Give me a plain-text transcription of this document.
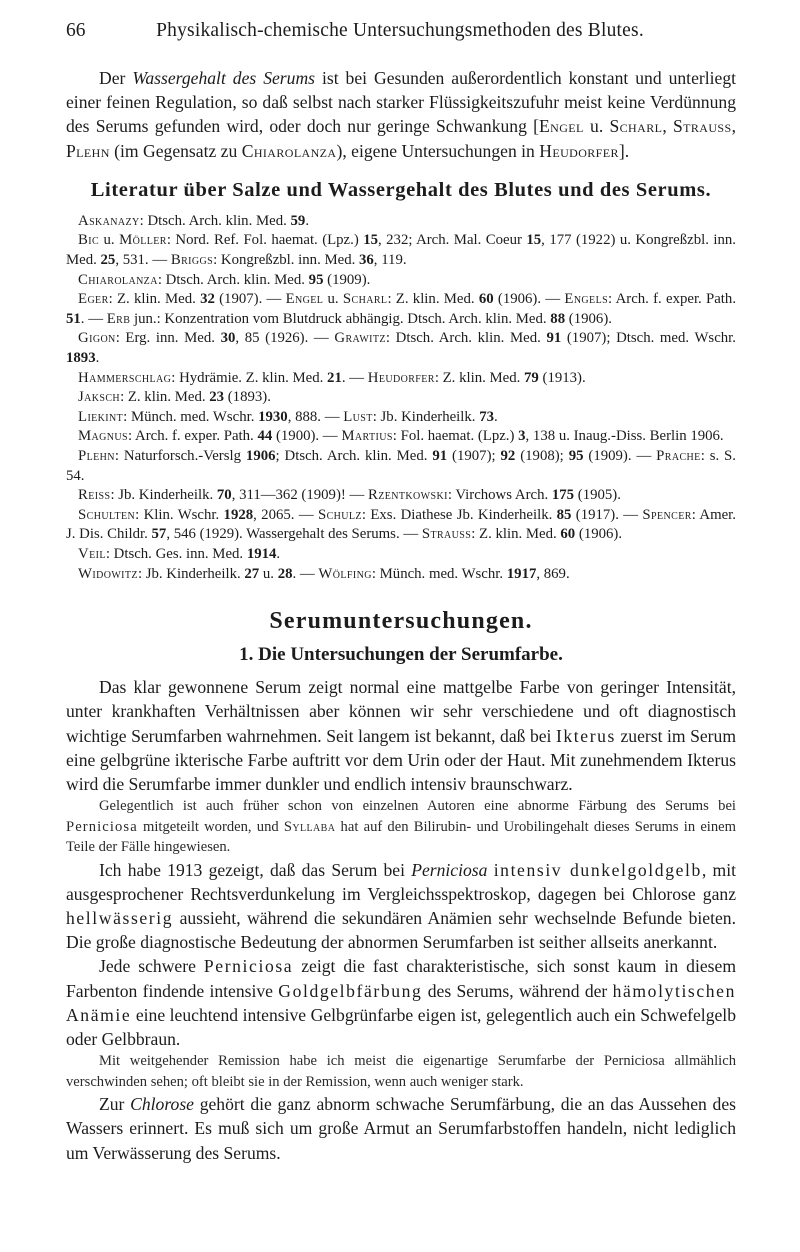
66	Physikalisch-chemische Untersuchungsmethoden des Blutes.

Der Wassergehalt des Serums ist bei Gesunden außerordentlich konstant und unterliegt einer feinen Regulation, so daß selbst nach starker Flüssigkeitszufuhr meist keine Verdünnung des Serums gefunden wird, oder doch nur geringe Schwankung [Engel u. Scharl, Strauss, Plehn (im Gegensatz zu Chiarolanza), eigene Untersuchungen in Heudorfer].

Literatur über Salze und Wassergehalt des Blutes und des Serums.

Askanazy: Dtsch. Arch. klin. Med. 59.

Bic u. Möller: Nord. Ref. Fol. haemat. (Lpz.) 15, 232; Arch. Mal. Coeur 15, 177 (1922) u. Kongreßzbl. inn. Med. 25, 531. — Briggs: Kongreßzbl. inn. Med. 36, 119.

Chiarolanza: Dtsch. Arch. klin. Med. 95 (1909).

Eger: Z. klin. Med. 32 (1907). — Engel u. Scharl: Z. klin. Med. 60 (1906). — Engels: Arch. f. exper. Path. 51. — Erb jun.: Konzentration vom Blutdruck abhängig. Dtsch. Arch. klin. Med. 88 (1906).

Gigon: Erg. inn. Med. 30, 85 (1926). — Grawitz: Dtsch. Arch. klin. Med. 91 (1907); Dtsch. med. Wschr. 1893.

Hammerschlag: Hydrämie. Z. klin. Med. 21. — Heudorfer: Z. klin. Med. 79 (1913).

Jaksch: Z. klin. Med. 23 (1893).

Liekint: Münch. med. Wschr. 1930, 888. — Lust: Jb. Kinderheilk. 73.

Magnus: Arch. f. exper. Path. 44 (1900). — Martius: Fol. haemat. (Lpz.) 3, 138 u. Inaug.-Diss. Berlin 1906.

Plehn: Naturforsch.-Verslg 1906; Dtsch. Arch. klin. Med. 91 (1907); 92 (1908); 95 (1909). — Prache: s. S. 54.

Reiss: Jb. Kinderheilk. 70, 311—362 (1909)! — Rzentkowski: Virchows Arch. 175 (1905).

Schulten: Klin. Wschr. 1928, 2065. — Schulz: Exs. Diathese Jb. Kinderheilk. 85 (1917). — Spencer: Amer. J. Dis. Childr. 57, 546 (1929). Wassergehalt des Serums. — Strauss: Z. klin. Med. 60 (1906).

Veil: Dtsch. Ges. inn. Med. 1914.

Widowitz: Jb. Kinderheilk. 27 u. 28. — Wölfing: Münch. med. Wschr. 1917, 869.

Serumuntersuchungen.
1. Die Untersuchungen der Serumfarbe.

Das klar gewonnene Serum zeigt normal eine mattgelbe Farbe von geringer Intensität, unter krankhaften Verhältnissen aber können wir sehr verschiedene und oft diagnostisch wichtige Serumfarben wahrnehmen. Seit langem ist bekannt, daß bei Ikterus zuerst im Serum eine gelbgrüne ikterische Farbe auftritt vor dem Urin oder der Haut. Mit zunehmendem Ikterus wird die Serumfarbe immer dunkler und endlich intensiv braunschwarz.

Gelegentlich ist auch früher schon von einzelnen Autoren eine abnorme Färbung des Serums bei Perniciosa mitgeteilt worden, und Syllaba hat auf den Bilirubin- und Urobilingehalt dieses Serums in einem Teile der Fälle hingewiesen.

Ich habe 1913 gezeigt, daß das Serum bei Perniciosa intensiv dunkelgoldgelb, mit ausgesprochener Rechtsverdunkelung im Vergleichsspektroskop, dagegen bei Chlorose ganz hellwässerig aussieht, während die sekundären Anämien sehr wechselnde Befunde bieten. Die große diagnostische Bedeutung der abnormen Serumfarben ist seither allseits anerkannt.

Jede schwere Perniciosa zeigt die fast charakteristische, sich sonst kaum in diesem Farbenton findende intensive Goldgelbfärbung des Serums, während der hämolytischen Anämie eine leuchtend intensive Gelbgrünfarbe eigen ist, gelegentlich auch ein Schwefelgelb oder Gelbbraun.

Mit weitgehender Remission habe ich meist die eigenartige Serumfarbe der Perniciosa allmählich verschwinden sehen; oft bleibt sie in der Remission, wenn auch weniger stark.

Zur Chlorose gehört die ganz abnorm schwache Serumfärbung, die an das Aussehen des Wassers erinnert. Es muß sich um große Armut an Serumfarbstoffen handeln, nicht lediglich um Verwässerung des Serums.
